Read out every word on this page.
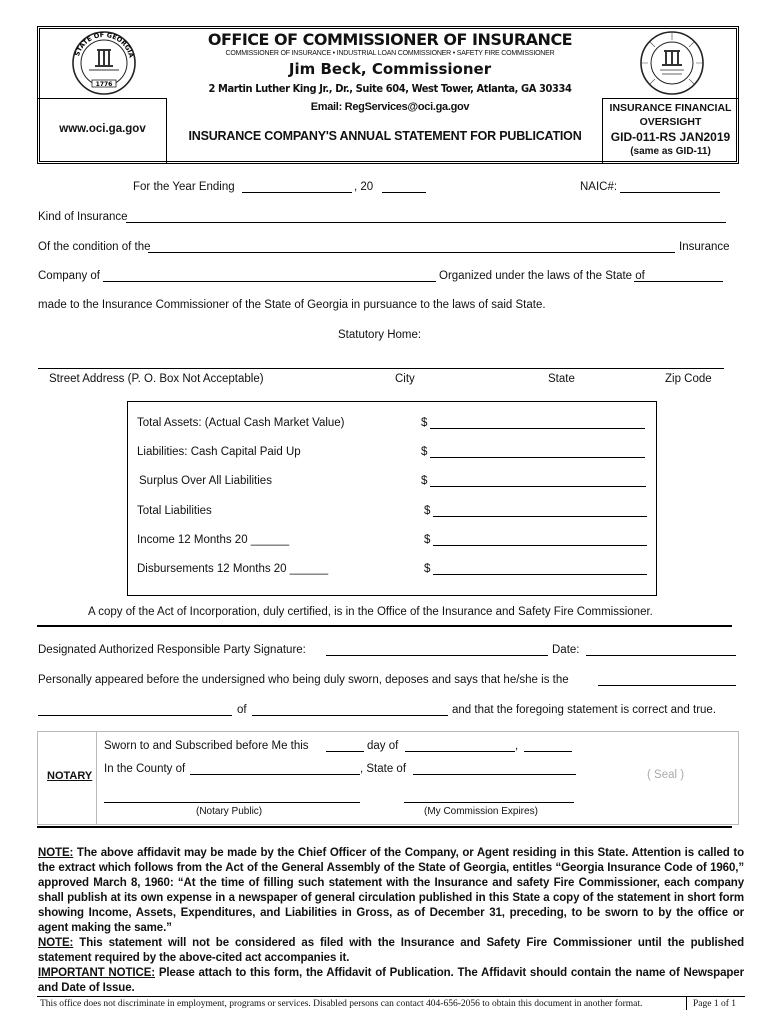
STATE OF GEORGIA
1776
OFFICE OF COMMISSIONER OF INSURANCE
COMMISSIONER OF INSURANCE • INDUSTRIAL LOAN COMMISSIONER • SAFETY FIRE COMMISSIONER
Jim Beck, Commissioner
2 Martin Luther King Jr., Dr., Suite 604, West Tower, Atlanta, GA 30334
Email: RegServices@oci.ga.gov
www.oci.ga.gov	INSURANCE COMPANY'S ANNUAL STATEMENT FOR PUBLICATION
INSURANCE FINANCIAL
OVERSIGHT
GID-011-RS JAN2019
(same as GID-11)
For the Year Ending	, 20	NAIC#:
Kind of Insurance
Of the condition of the	Insurance
Company of	Organized under the laws of the State of
made to the Insurance Commissioner of the State of Georgia in pursuance to the laws of said State.
Statutory Home:
Street Address (P. O. Box Not Acceptable)	City	State	Zip Code
Total Assets: (Actual Cash Market Value)	$
Liabilities: Cash Capital Paid Up	$
Surplus Over All Liabilities	$
Total Liabilities	$
Income 12 Months 20 ______	$
Disbursements 12 Months 20 ______	$
A copy of the Act of Incorporation, duly certified, is in the Office of the Insurance and Safety Fire Commissioner.
Designated Authorized Responsible Party Signature:	Date:
Personally appeared before the undersigned who being duly sworn, deposes and says that he/she is the
of	and that the foregoing statement is correct and true.
NOTARY
Sworn to and Subscribed before Me this	day of	,
In the County of	, State of	( Seal )
(Notary Public)	(My Commission Expires)
NOTE: The above affidavit may be made by the Chief Officer of the Company, or Agent residing in this State. Attention is called to the extract which follows from the Act of the General Assembly of the State of Georgia, entitles “Georgia Insurance Code of 1960,” approved March 8, 1960: “At the time of filling such statement with the Insurance and safety Fire Commissioner, each company shall publish at its own expense in a newspaper of general circulation published in this State a copy of the statement in short form showing Income, Assets, Expenditures, and Liabilities in Gross, as of December 31, preceding, to be sworn to by the office or agent making the same.”
NOTE: This statement will not be considered as filed with the Insurance and Safety Fire Commissioner until the published statement required by the above-cited act accompanies it.
IMPORTANT NOTICE: Please attach to this form, the Affidavit of Publication. The Affidavit should contain the name of Newspaper and Date of Issue.
This office does not discriminate in employment, programs or services. Disabled persons can contact 404-656-2056 to obtain this document in another format.	Page 1 of 1
